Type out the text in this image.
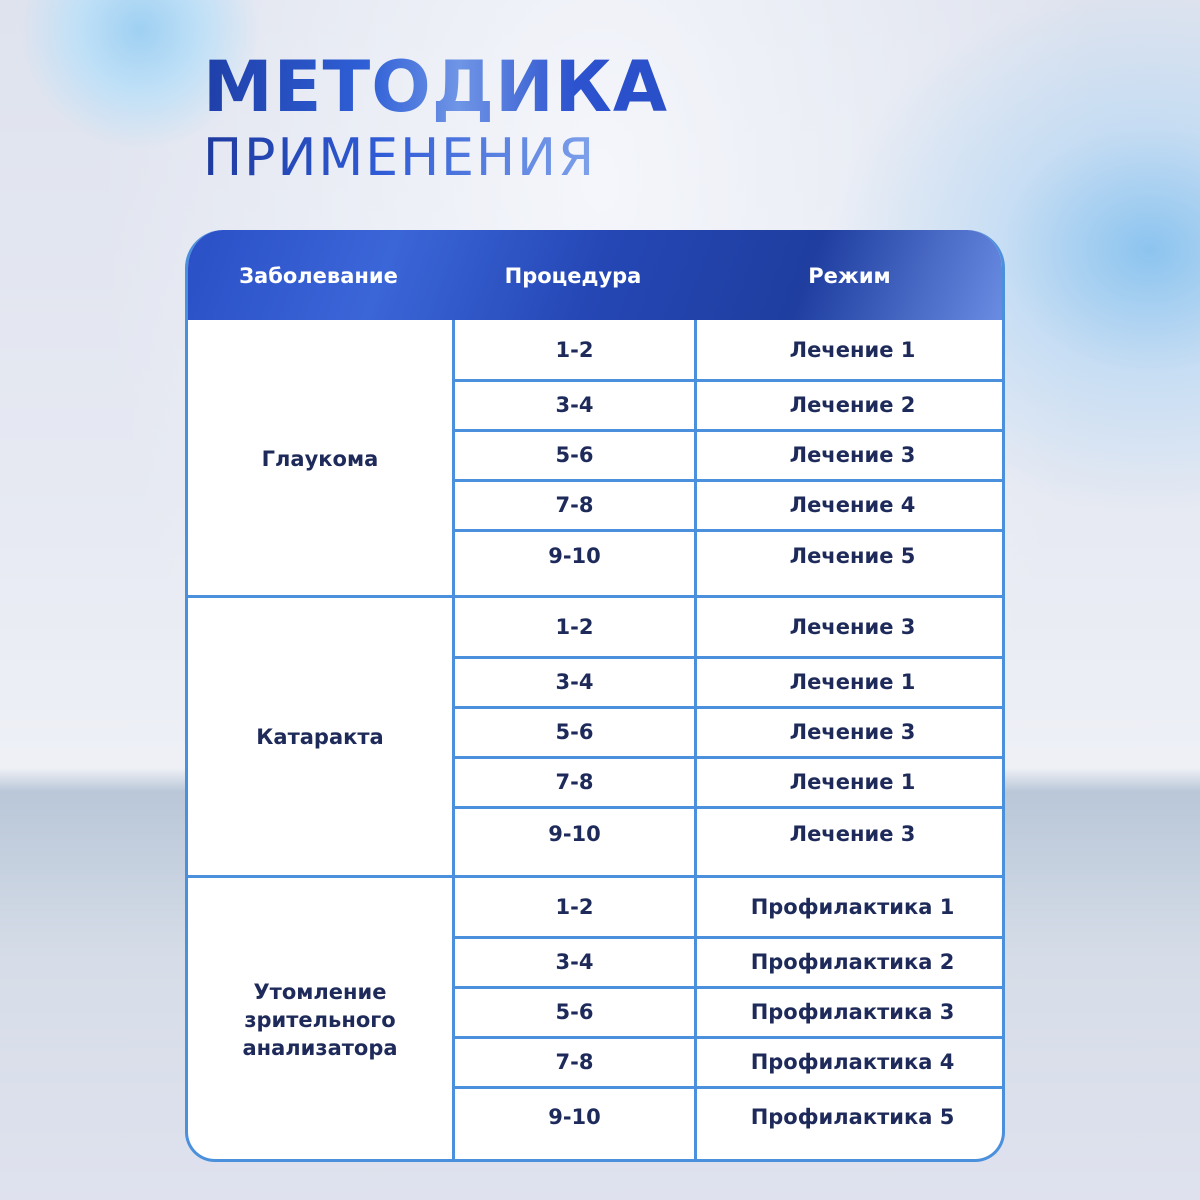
МЕТОДИКА
ПРИМЕНЕНИЯ
Заболевание	Процедура	Режим
Глаукома
1-2	Лечение 1
3-4	Лечение 2
5-6	Лечение 3
7-8	Лечение 4
9-10	Лечение 5
Катаракта
1-2	Лечение 3
3-4	Лечение 1
5-6	Лечение 3
7-8	Лечение 1
9-10	Лечение 3
Утомление зрительного анализатора
1-2	Профилактика 1
3-4	Профилактика 2
5-6	Профилактика 3
7-8	Профилактика 4
9-10	Профилактика 5
